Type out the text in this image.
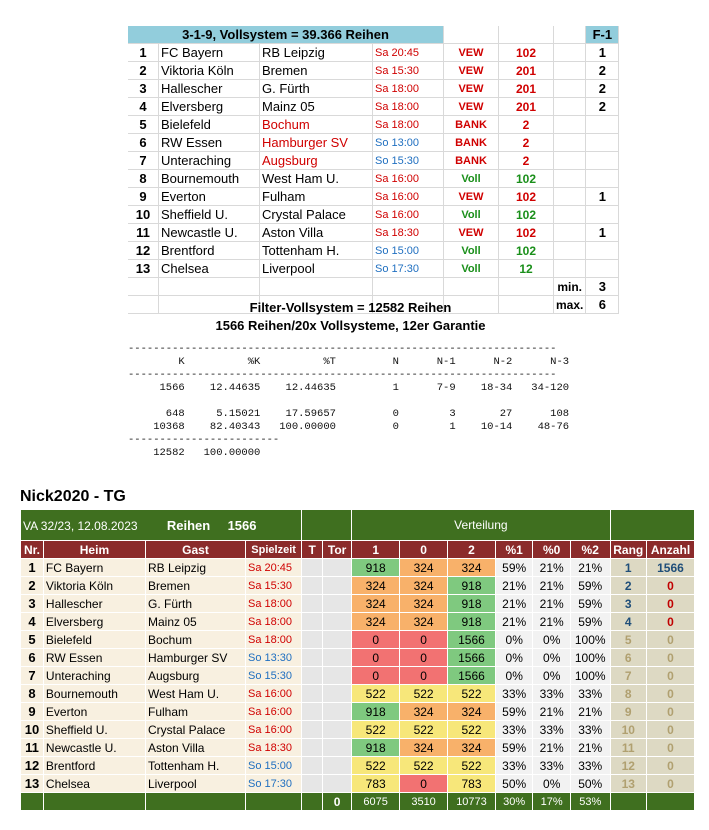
3-1-9, Vollsystem = 39.366 Reihen							F-1
1	FC Bayern	RB Leipzig	Sa 20:45	VEW	102		1
2	Viktoria Köln	Bremen	Sa 15:30	VEW	201		2
3	Hallescher	G. Fürth	Sa 18:00	VEW	201		2
4	Elversberg	Mainz 05	Sa 18:00	VEW	201		2
5	Bielefeld	Bochum	Sa 18:00	BANK	2		
6	RW Essen	Hamburger SV	So 13:00	BANK	2		
7	Unteraching	Augsburg	So 15:30	BANK	2		
8	Bournemouth	West Ham U.	Sa 16:00	Voll	102		
9	Everton	Fulham	Sa 16:00	VEW	102		1
10	Sheffield U.	Crystal Palace	Sa 16:00	Voll	102		
11	Newcastle U.	Aston Villa	Sa 18:30	VEW	102		1
12	Brentford	Tottenham H.	So 15:00	Voll	102		
13	Chelsea	Liverpool	So 17:30	Voll	12		
						min.	3
						max.	6
Filter-Vollsystem = 12582 Reihen
1566 Reihen/20x Vollsysteme, 12er Garantie
--------------------------------------------------------------------
K          %K          %T         N      N-1      N-2      N-3
--------------------------------------------------------------------
1566    12.44635    12.44635         1      7-9    18-34   34-120

648     5.15021    17.59657         0        3       27      108
10368    82.40343   100.00000         0        1    10-14    48-76
------------------------
12582   100.00000
Nick2020 - TG
VA 32/23, 12.08.2023 Reihen 1566						Verteilung							
Nr.	Heim	Gast	Spielzeit	T	Tor	1	0	2	%1	%0	%2	Rang	Anzahl
1	FC Bayern	RB Leipzig	Sa 20:45			918	324	324	59%	21%	21%	1	1566
2	Viktoria Köln	Bremen	Sa 15:30			324	324	918	21%	21%	59%	2	0
3	Hallescher	G. Fürth	Sa 18:00			324	324	918	21%	21%	59%	3	0
4	Elversberg	Mainz 05	Sa 18:00			324	324	918	21%	21%	59%	4	0
5	Bielefeld	Bochum	Sa 18:00			0	0	1566	0%	0%	100%	5	0
6	RW Essen	Hamburger SV	So 13:30			0	0	1566	0%	0%	100%	6	0
7	Unteraching	Augsburg	So 15:30			0	0	1566	0%	0%	100%	7	0
8	Bournemouth	West Ham U.	Sa 16:00			522	522	522	33%	33%	33%	8	0
9	Everton	Fulham	Sa 16:00			918	324	324	59%	21%	21%	9	0
10	Sheffield U.	Crystal Palace	Sa 16:00			522	522	522	33%	33%	33%	10	0
11	Newcastle U.	Aston Villa	Sa 18:30			918	324	324	59%	21%	21%	11	0
12	Brentford	Tottenham H.	So 15:00			522	522	522	33%	33%	33%	12	0
13	Chelsea	Liverpool	So 17:30			783	0	783	50%	0%	50%	13	0
					0	6075	3510	10773	30%	17%	53%		
